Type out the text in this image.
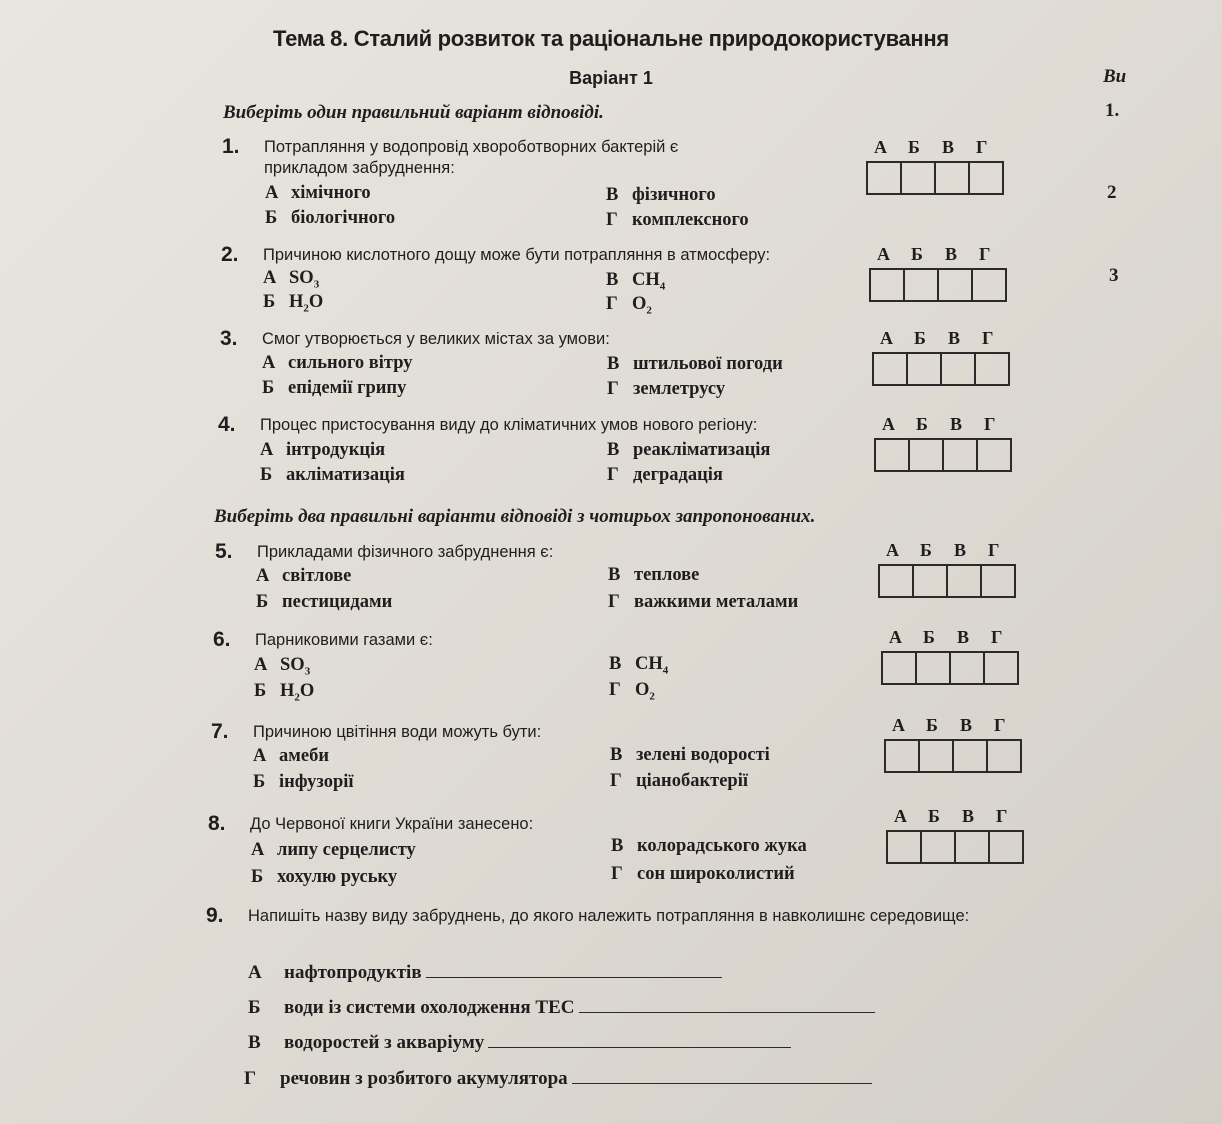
Тема 8. Сталий розвиток та раціональне природокористування
Варіант 1
Виберіть один правильний варіант відповіді.
1. Потрапляння у водопровід хвороботворних бактерій є прикладом забруднення:
А хімічного
Б біологічного
В фізичного
Г комплексного
А Б В Г
2. Причиною кислотного дощу може бути потрапляння в атмосферу:
А $SO_3$
Б $H_2O$
В $CH_4$
Г $O_2$
А Б В Г
3. Смог утворюється у великих містах за умови:
А сильного вітру
Б епідемії грипу
В штильової погоди
Г землетрусу
А Б В Г
4. Процес пристосування виду до кліматичних умов нового регіону:
А інтродукція
Б акліматизація
В реакліматизація
Г деградація
А Б В Г
Виберіть два правильні варіанти відповіді з чотирьох запропонованих.
5. Прикладами фізичного забруднення є:
А світлове
Б пестицидами
В теплове
Г важкими металами
А Б В Г
6. Парниковими газами є:
А $SO_3$
Б $H_2O$
В $CH_4$
Г $O_2$
А Б В Г
7. Причиною цвітіння води можуть бути:
А амеби
Б інфузорії
В зелені водорості
Г ціанобактерії
А Б В Г
8. До Червоної книги України занесено:
А липу серцелисту
Б хохулю руську
В колорадського жука
Г сон широколистий
А Б В Г
9. Напишіть назву виду забруднень, до якого належить потрапляння в навколишнє середовище:
А нафтопродуктів
Б води із системи охолодження ТЕС
В водоростей з акваріуму
Г речовин з розбитого акумулятора
Ви
1.
2
3
